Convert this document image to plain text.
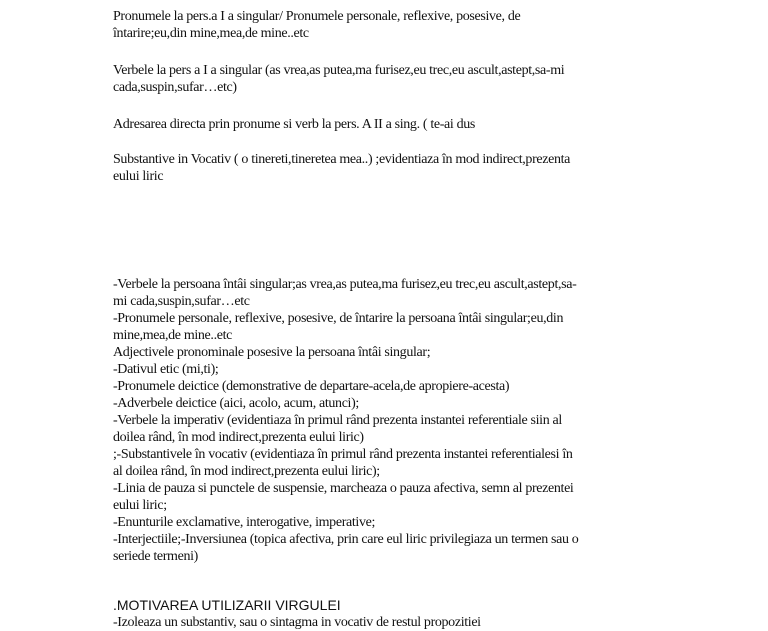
Pronumele la pers.a I a singular/ Pronumele personale, reflexive, posesive, de
întarire;eu,din mine,mea,de mine..etc
Verbele la pers a I a singular (as vrea,as putea,ma furisez,eu trec,eu ascult,astept,sa-mi
cada,suspin,sufar…etc)
Adresarea directa prin pronume si verb la pers. A II a sing. ( te-ai dus
Substantive in Vocativ ( o tinereti,tineretea mea..) ;evidentiaza în mod indirect,prezenta
eului liric
-Verbele la persoana întâi singular;as vrea,as putea,ma furisez,eu trec,eu ascult,astept,sa-
mi cada,suspin,sufar…etc
-Pronumele personale, reflexive, posesive, de întarire la persoana întâi singular;eu,din
mine,mea,de mine..etc
Adjectivele pronominale posesive la persoana întâi singular;
-Dativul etic (mi,ti);
-Pronumele deictice (demonstrative de departare-acela,de apropiere-acesta)
-Adverbele deictice (aici, acolo, acum, atunci);
-Verbele la imperativ (evidentiaza în primul rând prezenta instantei referentiale siin al
doilea rând, în mod indirect,prezenta eului liric)
;-Substantivele în vocativ (evidentiaza în primul rând prezenta instantei referentialesi în
al doilea rând, în mod indirect,prezenta eului liric);
-Linia de pauza si punctele de suspensie, marcheaza o pauza afectiva, semn al prezentei
eului liric;
-Enunturile exclamative, interogative, imperative;
-Interjectiile;-Inversiunea (topica afectiva, prin care eul liric privilegiaza un termen sau o
seriede termeni)
.MOTIVAREA UTILIZARII VIRGULEI
-Izoleaza un substantiv, sau o sintagma in vocativ de restul propozitiei
